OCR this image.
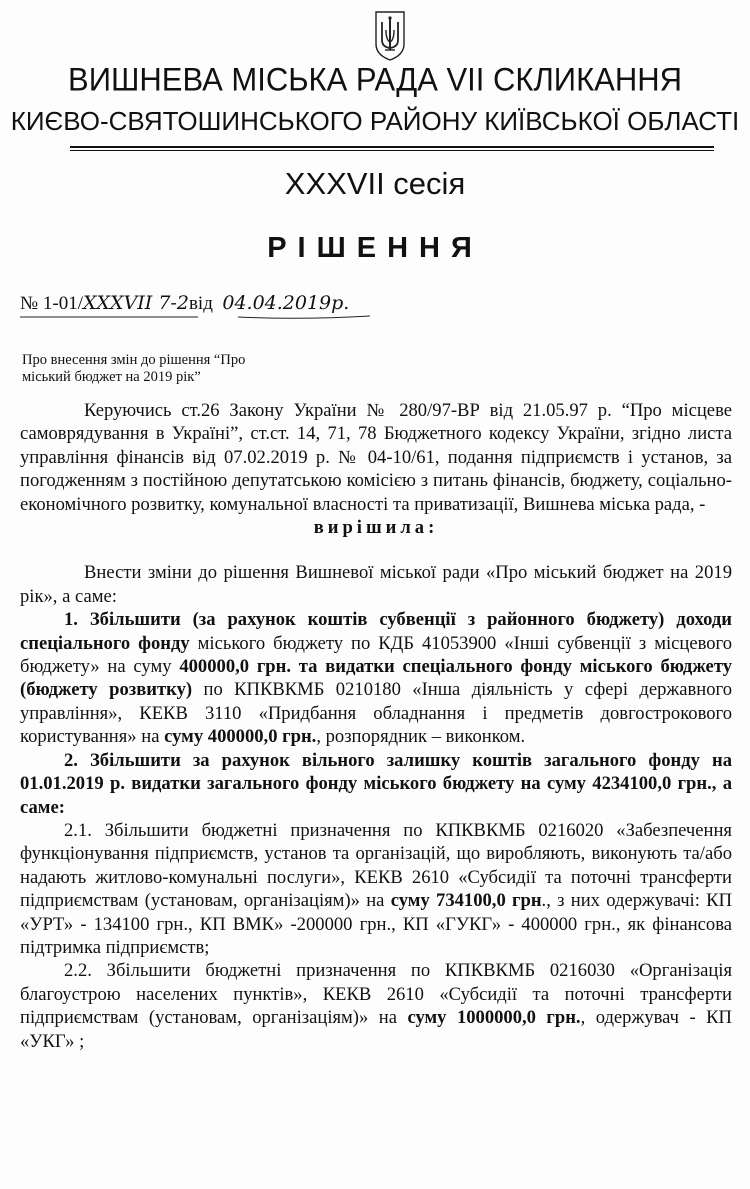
ВИШНЕВА МІСЬКА РАДА VII СКЛИКАННЯ
КИЄВО-СВЯТОШИНСЬКОГО РАЙОНУ КИЇВСЬКОЇ ОБЛАСТІ
XXXVII сесія
РІШЕННЯ
№ 1-01/XXXVII 7-2від 04.04.2019р.
Про внесення змін до рішення “Про
міський бюджет на 2019 рік”

Керуючись ст.26 Закону України № 280/97-ВР від 21.05.97 р. “Про місцеве самоврядування в Україні”, ст.ст. 14, 71, 78 Бюджетного кодексу України, згідно листа управління фінансів від 07.02.2019 р. № 04-10/61, подання підприємств і установ, за погодженням з постійною депутатською комісією з питань фінансів, бюджету, соціально-економічного розвитку, комунальної власності та приватизації, Вишнева міська рада, -

вирішила:

Внести зміни до рішення Вишневої міської ради «Про міський бюджет на 2019 рік», а саме:

1. Збільшити (за рахунок коштів субвенції з районного бюджету) доходи спеціального фонду міського бюджету по КДБ 41053900 «Інші субвенції з місцевого бюджету» на суму 400000,0 грн. та видатки спеціального фонду міського бюджету (бюджету розвитку) по КПКВКМБ 0210180 «Інша діяльність у сфері державного управління», КЕКВ 3110 «Придбання обладнання і предметів довгострокового користування» на суму 400000,0 грн., розпорядник – виконком.

2. Збільшити за рахунок вільного залишку коштів загального фонду на 01.01.2019 р. видатки загального фонду міського бюджету на суму 4234100,0 грн., а саме:

2.1. Збільшити бюджетні призначення по КПКВКМБ 0216020 «Забезпечення функціонування підприємств, установ та організацій, що виробляють, виконують та/або надають житлово-комунальні послуги», КЕКВ 2610 «Субсидії та поточні трансферти підприємствам (установам, організаціям)» на суму 734100,0 грн., з них одержувачі: КП «УРТ» - 134100 грн., КП ВМК» -200000 грн., КП «ГУКГ» - 400000 грн., як фінансова підтримка підприємств;

2.2. Збільшити бюджетні призначення по КПКВКМБ 0216030 «Організація благоустрою населених пунктів», КЕКВ 2610 «Субсидії та поточні трансферти підприємствам (установам, організаціям)» на суму 1000000,0 грн., одержувач - КП «УКГ» ;
